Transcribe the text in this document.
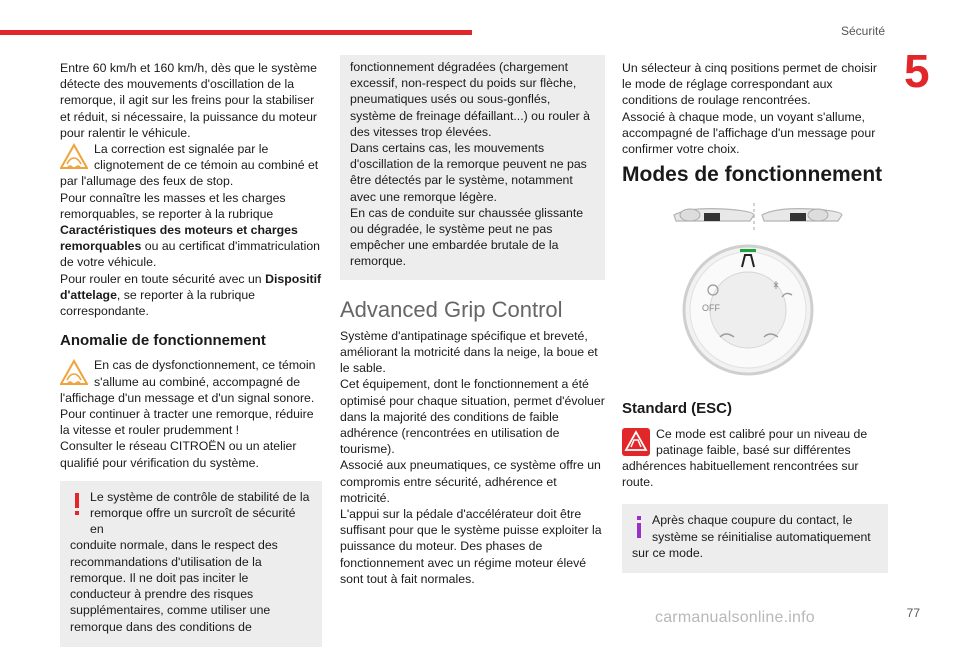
Sécurité
5

Entre 60 km/h et 160 km/h, dès que le système détecte des mouvements d'oscillation de la remorque, il agit sur les freins pour la stabiliser et réduit, si nécessaire, la puissance du moteur pour ralentir le véhicule.

La correction est signalée par le clignotement de ce témoin au combiné et

par l'allumage des feux de stop.

Pour connaître les masses et les charges remorquables, se reporter à la rubrique Caractéristiques des moteurs et charges remorquables ou au certificat d'immatriculation de votre véhicule.

Pour rouler en toute sécurité avec un Dispositif d'attelage, se reporter à la rubrique correspondante.

Anomalie de fonctionnement

En cas de dysfonctionnement, ce témoin s'allume au combiné, accompagné de

l'affichage d'un message et d'un signal sonore.

Pour continuer à tracter une remorque, réduire la vitesse et rouler prudemment !

Consulter le réseau CITROËN ou un atelier qualifié pour vérification du système.

Le système de contrôle de stabilité de la remorque offre un surcroît de sécurité en

conduite normale, dans le respect des recommandations d'utilisation de la remorque. Il ne doit pas inciter le conducteur à prendre des risques supplémentaires, comme utiliser une remorque dans des conditions de

fonctionnement dégradées (chargement excessif, non-respect du poids sur flèche, pneumatiques usés ou sous-gonflés, système de freinage défaillant...) ou rouler à des vitesses trop élevées.

Dans certains cas, les mouvements d'oscillation de la remorque peuvent ne pas être détectés par le système, notamment avec une remorque légère.

En cas de conduite sur chaussée glissante ou dégradée, le système peut ne pas empêcher une embardée brutale de la remorque.

Advanced Grip Control

Système d'antipatinage spécifique et breveté, améliorant la motricité dans la neige, la boue et le sable.

Cet équipement, dont le fonctionnement a été optimisé pour chaque situation, permet d'évoluer dans la majorité des conditions de faible adhérence (rencontrées en utilisation de tourisme).

Associé aux pneumatiques, ce système offre un compromis entre sécurité, adhérence et motricité.

L'appui sur la pédale d'accélérateur doit être suffisant pour que le système puisse exploiter la puissance du moteur. Des phases de fonctionnement avec un régime moteur élevé sont tout à fait normales.

Un sélecteur à cinq positions permet de choisir le mode de réglage correspondant aux conditions de roulage rencontrées.

Associé à chaque mode, un voyant s'allume, accompagné de l'affichage d'un message pour confirmer votre choix.

Modes de fonctionnement
OFF
Standard (ESC)

Ce mode est calibré pour un niveau de patinage faible, basé sur différentes

adhérences habituellement rencontrées sur route.

Après chaque coupure du contact, le système se réinitialise automatiquement

sur ce mode.

carmanualsonline.info	77
